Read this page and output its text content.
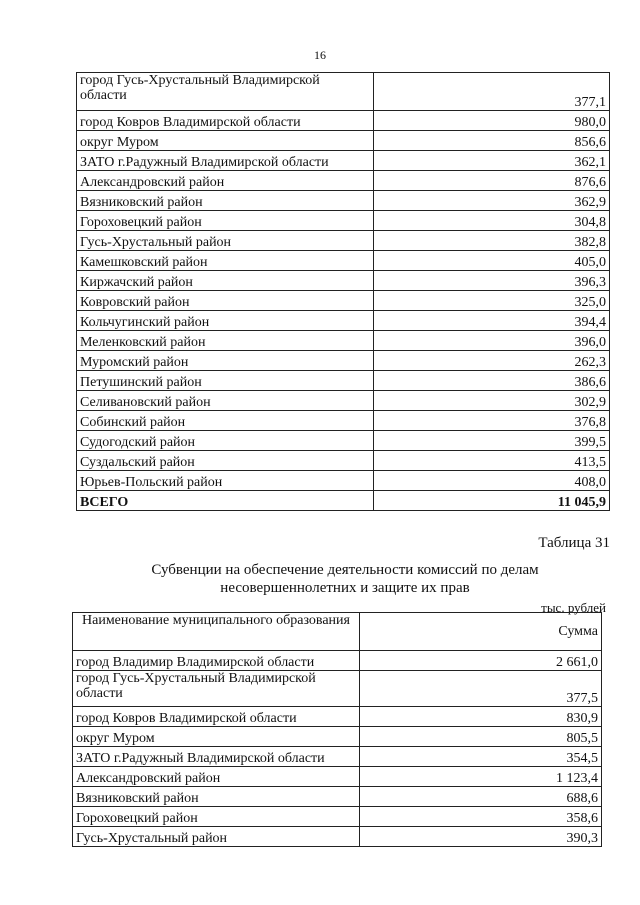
16
город Гусь-Хрустальный Владимирской области	377,1
город Ковров Владимирской области	980,0
округ Муром	856,6
ЗАТО г.Радужный Владимирской области	362,1
Александровский район	876,6
Вязниковский район	362,9
Гороховецкий район	304,8
Гусь-Хрустальный район	382,8
Камешковский район	405,0
Киржачский район	396,3
Ковровский район	325,0
Кольчугинский район	394,4
Меленковский район	396,0
Муромский район	262,3
Петушинский район	386,6
Селивановский район	302,9
Собинский район	376,8
Судогодский район	399,5
Суздальский район	413,5
Юрьев-Польский район	408,0
ВСЕГО	11 045,9
Таблица 31
Субвенции на обеспечение деятельности комиссий по делам
несовершеннолетних и защите их прав
тыс. рублей
Наименование муниципального образования	Сумма
город Владимир Владимирской области	2 661,0
город Гусь-Хрустальный Владимирской области	377,5
город Ковров Владимирской области	830,9
округ Муром	805,5
ЗАТО г.Радужный Владимирской области	354,5
Александровский район	1 123,4
Вязниковский район	688,6
Гороховецкий район	358,6
Гусь-Хрустальный район	390,3
